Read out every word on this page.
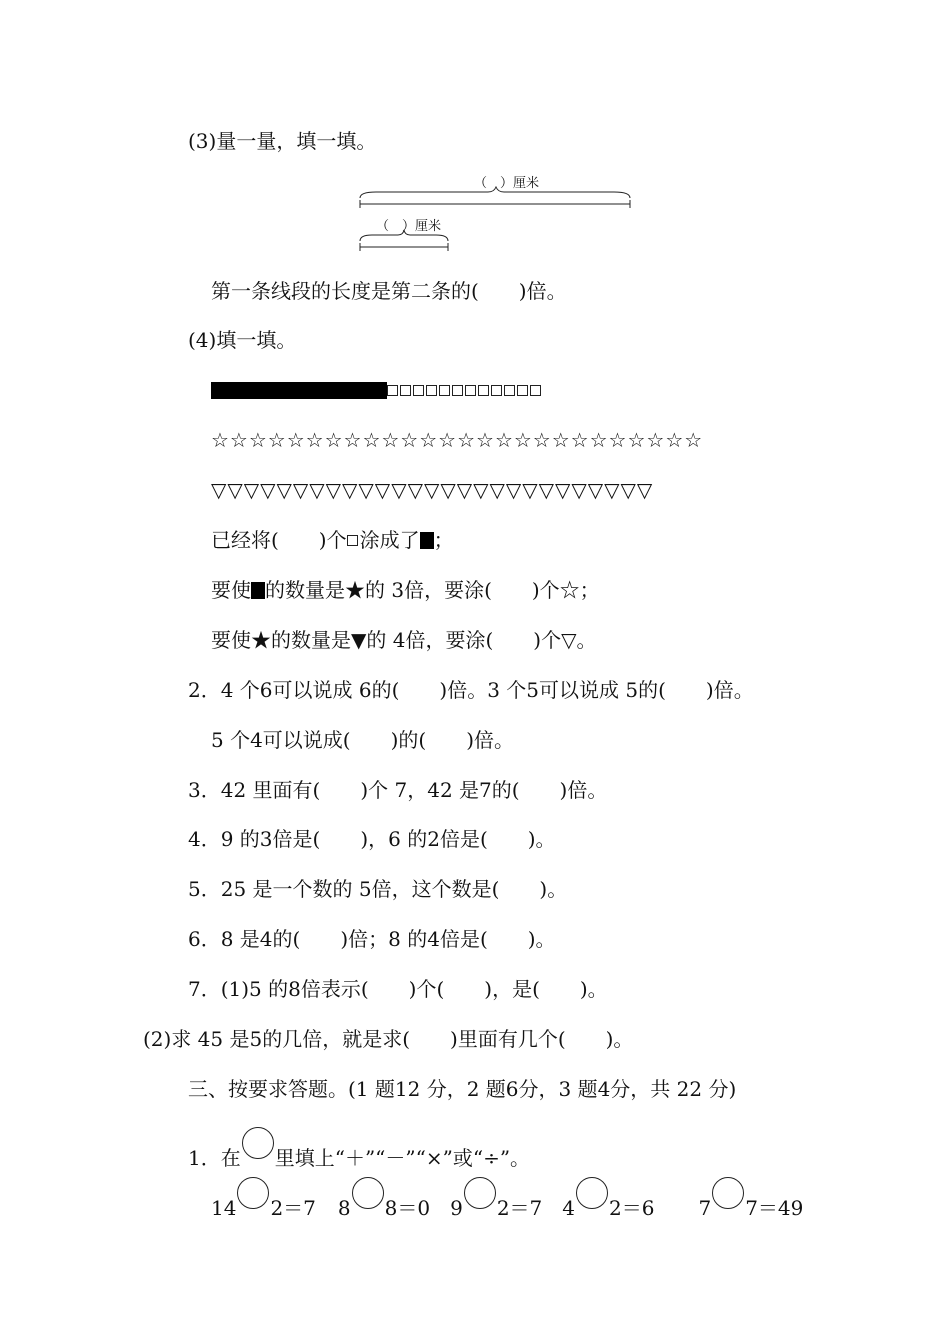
(3)量一量，填一填。
（　）厘米
（　）厘米
第一条线段的长度是第二条的(　　)倍。
(4)填一填。
☆☆☆☆☆☆☆☆☆☆☆☆☆☆☆☆☆☆☆☆☆☆☆☆☆☆
▽▽▽▽▽▽▽▽▽▽▽▽▽▽▽▽▽▽▽▽▽▽▽▽▽▽▽
已经将(　　)个 涂成了 ；
要使 的数量是★的 3倍，要涂(　　)个☆；
要使★的数量是▼的 4倍，要涂(　　)个▽。
2．4 个6可以说成 6的(　　)倍。3 个5可以说成 5的(　　)倍。
5 个4可以说成(　　)的(　　)倍。
3．42 里面有(　　)个 7，42 是7的(　　)倍。
4．9 的3倍是(　　)，6 的2倍是(　　)。
5．25 是一个数的 5倍，这个数是(　　)。
6．8 是4的(　　)倍；8 的4倍是(　　)。
7．(1)5 的8倍表示(　　)个(　　)，是(　　)。
(2)求 45 是5的几倍，就是求(　　)里面有几个(　　)。
三、按要求答题。(1 题12 分，2 题6分，3 题4分，共 22 分)
1．在 里填上“＋”“－”“×”或“÷”。
14 2＝7 8 8＝0 9 2＝7 4 2＝6 7 7＝49
